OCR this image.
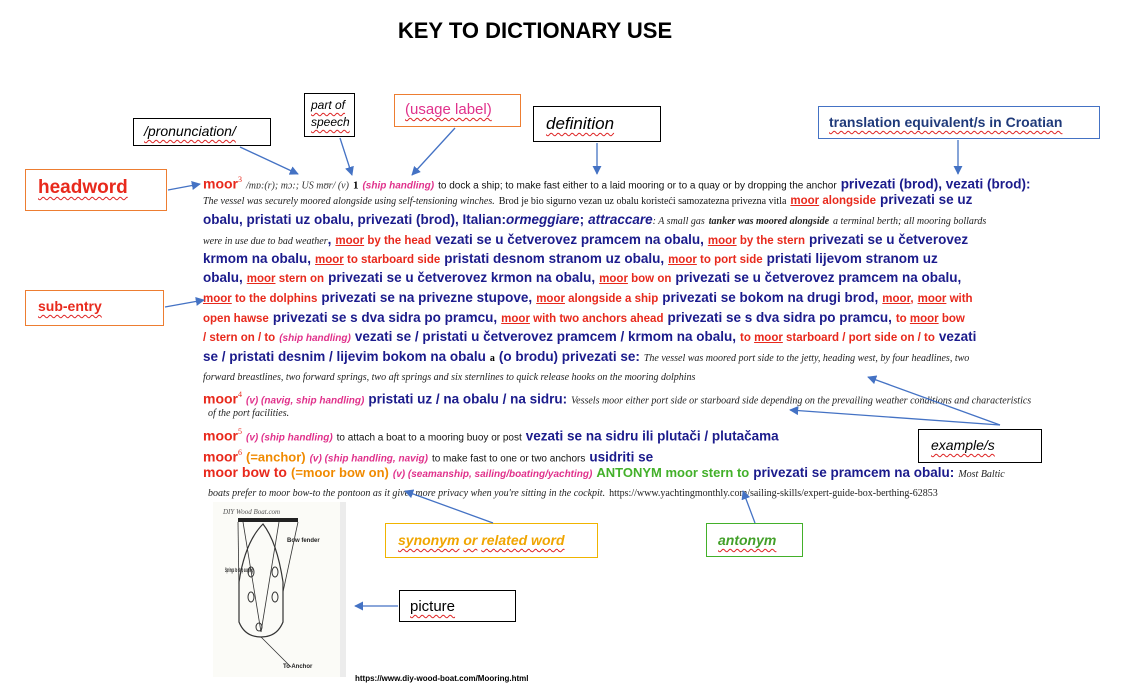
KEY TO DICTIONARY USE
/pronunciation/
part of
speech
(usage label)
definition	translation equivalent/s in Croatian
headword
sub-entry
example/s
synonym or related word	antonym
picture
moor$^3$ /mɒ:(r); mɔ:; US mʊr/ (v) 1 (ship handling) to dock a ship; to make fast either to a laid mooring or to a quay or by dropping the anchor privezati (brod), vezati (brod):
The vessel was securely moored alongside using self-tensioning winches. Brod je bio sigurno vezan uz obalu koristeći samozatezna privezna vitla moor alongside privezati se uz
obalu, pristati uz obalu, privezati (brod), Italian:ormeggiare; attraccare: A small gas tanker was moored alongside a terminal berth; all mooring bollards
were in use due to bad weather, moor by the head vezati se u četverovez pramcem na obalu, moor by the stern privezati se u četverovez
krmom na obalu, moor to starboard side pristati desnom stranom uz obalu, moor to port side pristati lijevom stranom uz
obalu, moor stern on privezati se u četverovez krmon na obalu, moor bow on privezati se u četverovez pramcem na obalu,
moor to the dolphins privezati se na privezne stupove, moor alongside a ship privezati se bokom na drugi brod, moor, moor with
open hawse privezati se s dva sidra po pramcu, moor with two anchors ahead privezati se s dva sidra po pramcu, to moor bow
/ stern on / to (ship handling) vezati se / pristati u četverovez pramcem / krmom na obalu, to moor starboard / port side on / to vezati
se / pristati desnim / lijevim bokom na obalu a (o brodu) privezati se: The vessel was moored port side to the jetty, heading west, by four headlines, two
forward breastlines, two forward springs, two aft springs and six sternlines to quick release hooks on the mooring dolphins
moor$^4$ (v) (navig, ship handling) pristati uz / na obalu / na sidru: Vessels moor either port side or starboard side depending on the prevailing weather conditions and characteristics
of the port facilities.
moor$^5$ (v) (ship handling) to attach a boat to a mooring buoy or post vezati se na sidru ili plutači / plutačama
moor$^6$ (=anchor) (v) (ship handling, navig) to make fast to one or two anchors usidriti se
moor bow to (=moor bow on) (v) (seamanship, sailing/boating/yachting) ANTONYM moor stern to privezati se pramcem na obalu: Most Baltic
boats prefer to moor bow-to the pontoon as it gives more privacy when you're sitting in the cockpit. https://www.yachtingmonthly.com/sailing-skills/expert-guide-box-berthing-62853
DIY Wood Boat.com
Bow fender
Springs to stop surging
To Anchor
https://www.diy-wood-boat.com/Mooring.html
